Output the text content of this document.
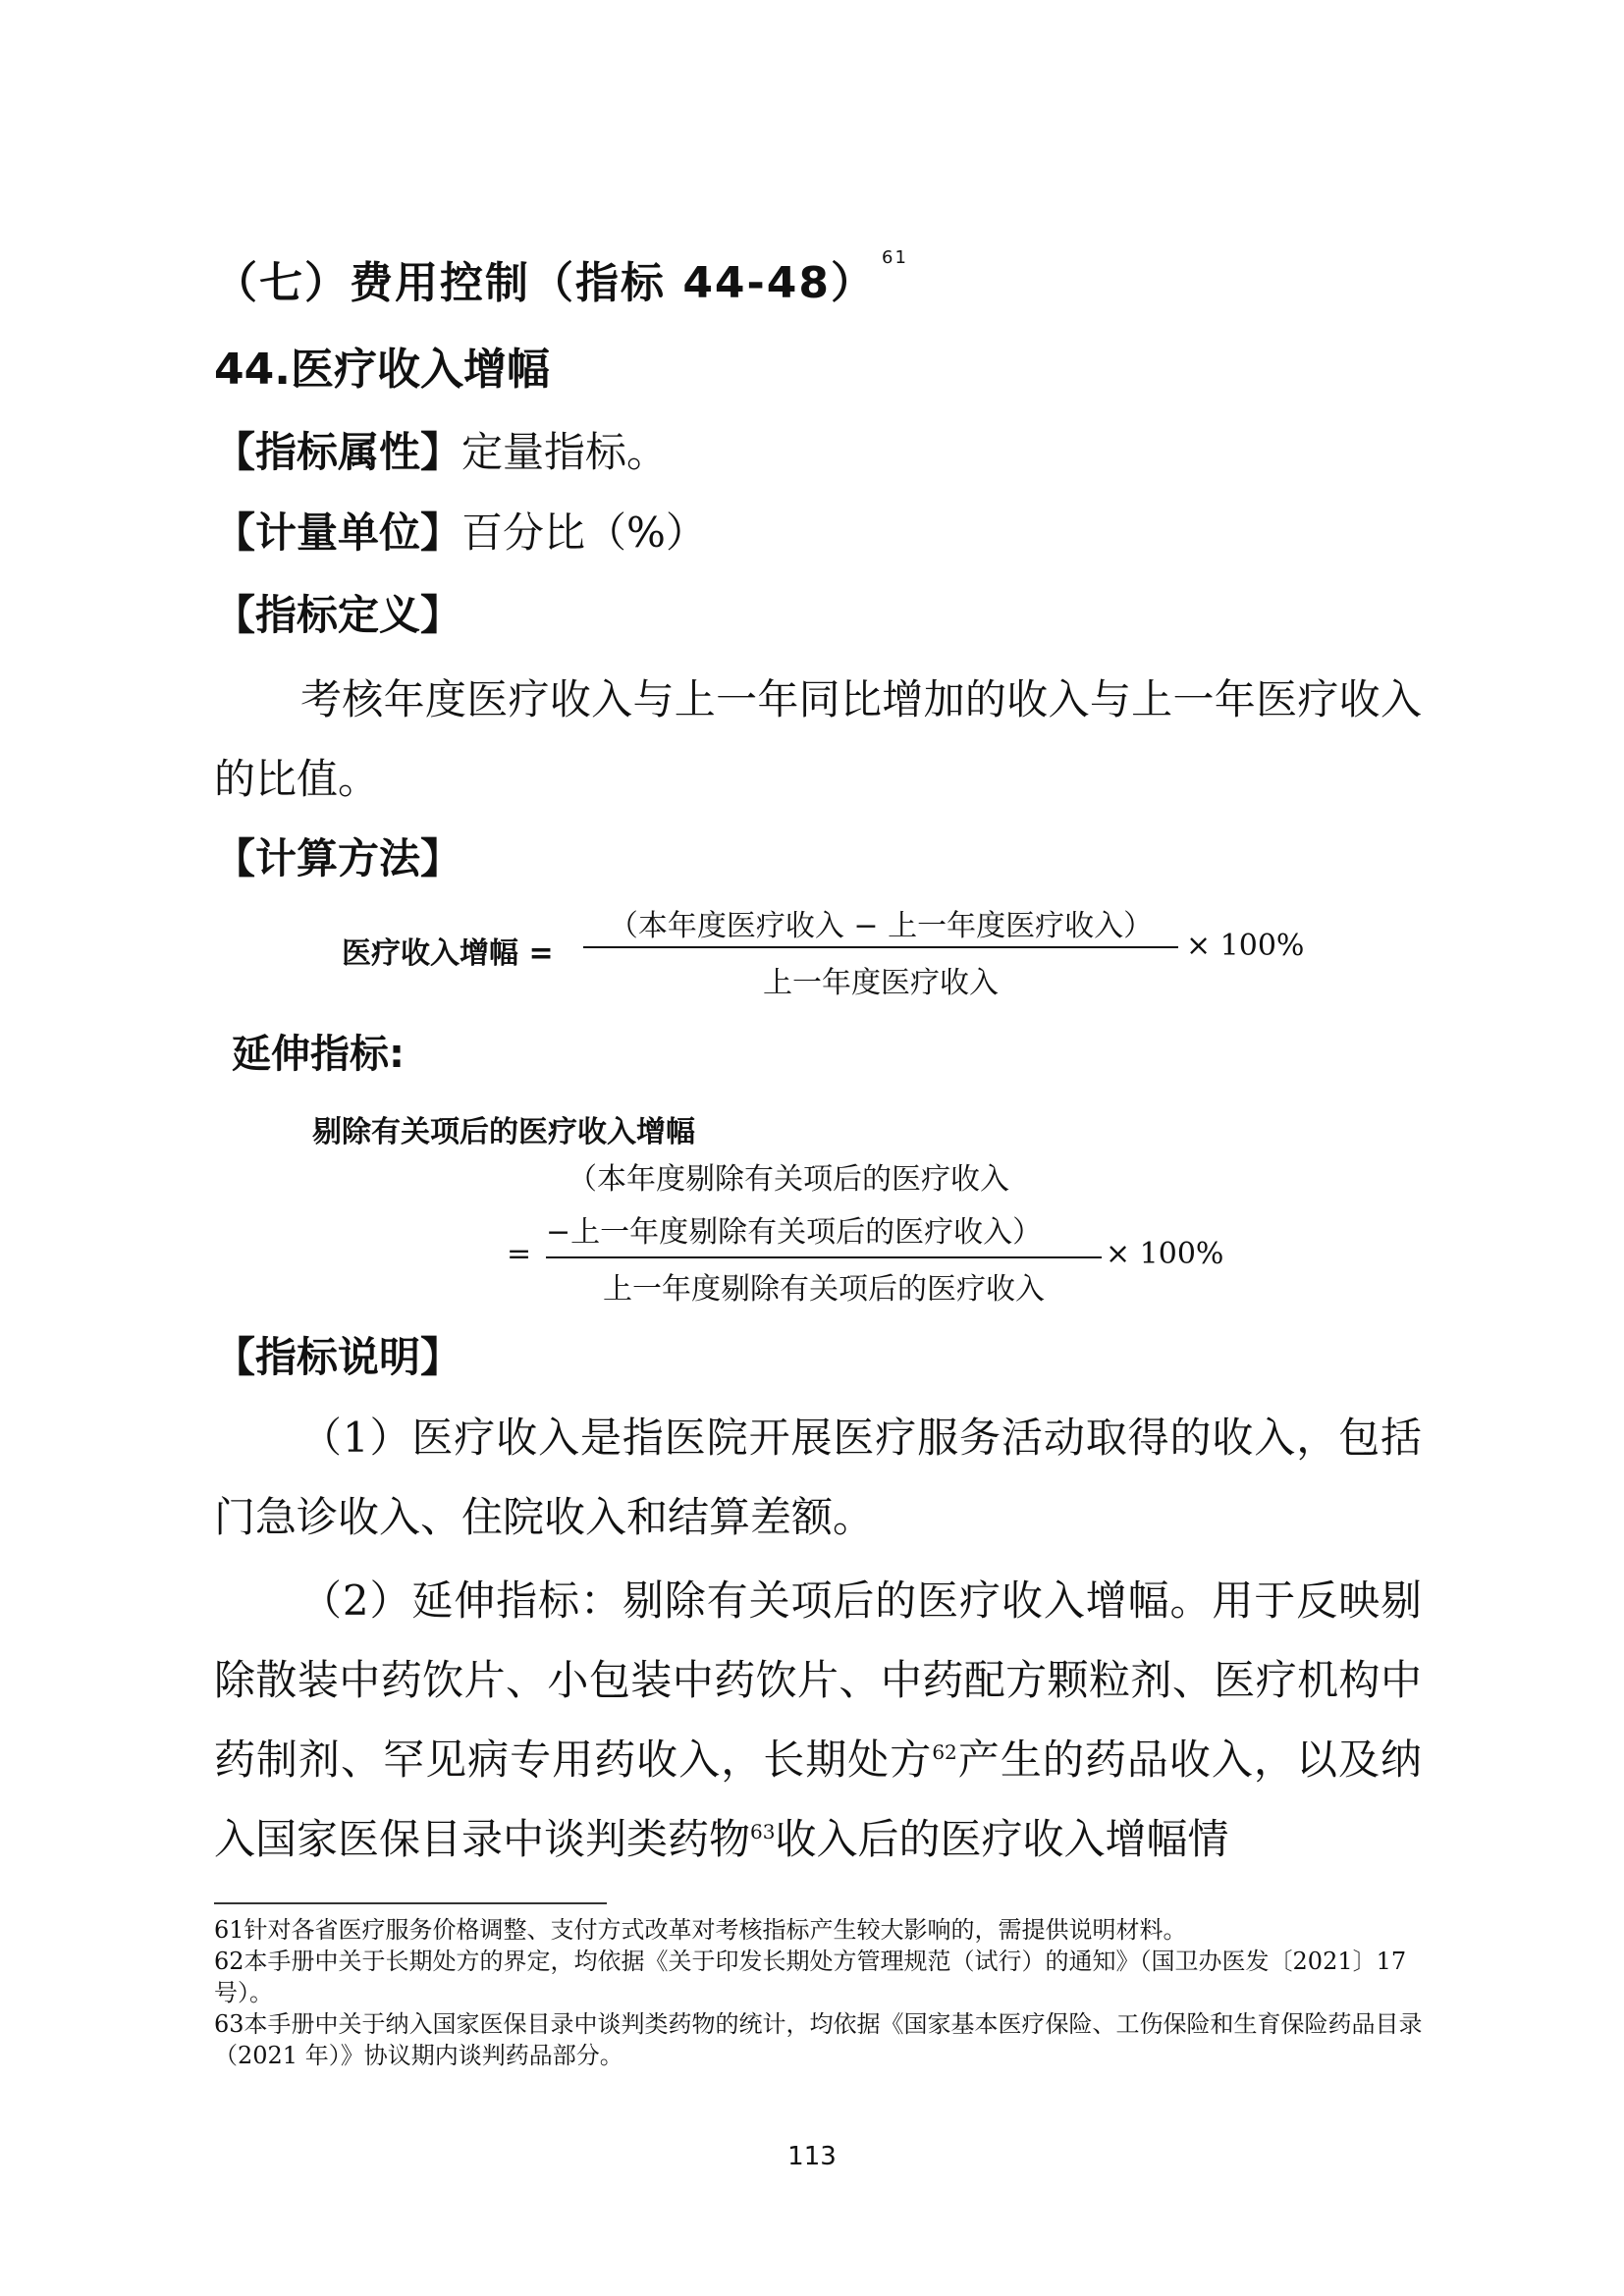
（七）费用控制（指标 44-48）$^{61}$
44.医疗收入增幅
【指标属性】定量指标。
【计量单位】百分比（%）
【指标定义】

考核年度医疗收入与上一年同比增加的收入与上一年医疗收入的比值。

【计算方法】
医疗收入增幅 =
（本年度医疗收入 − 上一年度医疗收入）
上一年度医疗收入
× 100%
延伸指标:
剔除有关项后的医疗收入增幅
（本年度剔除有关项后的医疗收入
−上一年度剔除有关项后的医疗收入）
=
上一年度剔除有关项后的医疗收入
× 100%
【指标说明】

（1）医疗收入是指医院开展医疗服务活动取得的收入，包括门急诊收入、住院收入和结算差额。

（2）延伸指标：剔除有关项后的医疗收入增幅。用于反映剔除散装中药饮片、小包装中药饮片、中药配方颗粒剂、医疗机构中药制剂、罕见病专用药收入，长期处方$^{62}$产生的药品收入，以及纳入国家医保目录中谈判类药物$^{63}$收入后的医疗收入增幅情

61针对各省医疗服务价格调整、支付方式改革对考核指标产生较大影响的，需提供说明材料。

62本手册中关于长期处方的界定，均依据《关于印发长期处方管理规范（试行）的通知》（国卫办医发〔2021〕17 号）。

63本手册中关于纳入国家医保目录中谈判类药物的统计，均依据《国家基本医疗保险、工伤保险和生育保险药品目录（2021 年）》协议期内谈判药品部分。

113
